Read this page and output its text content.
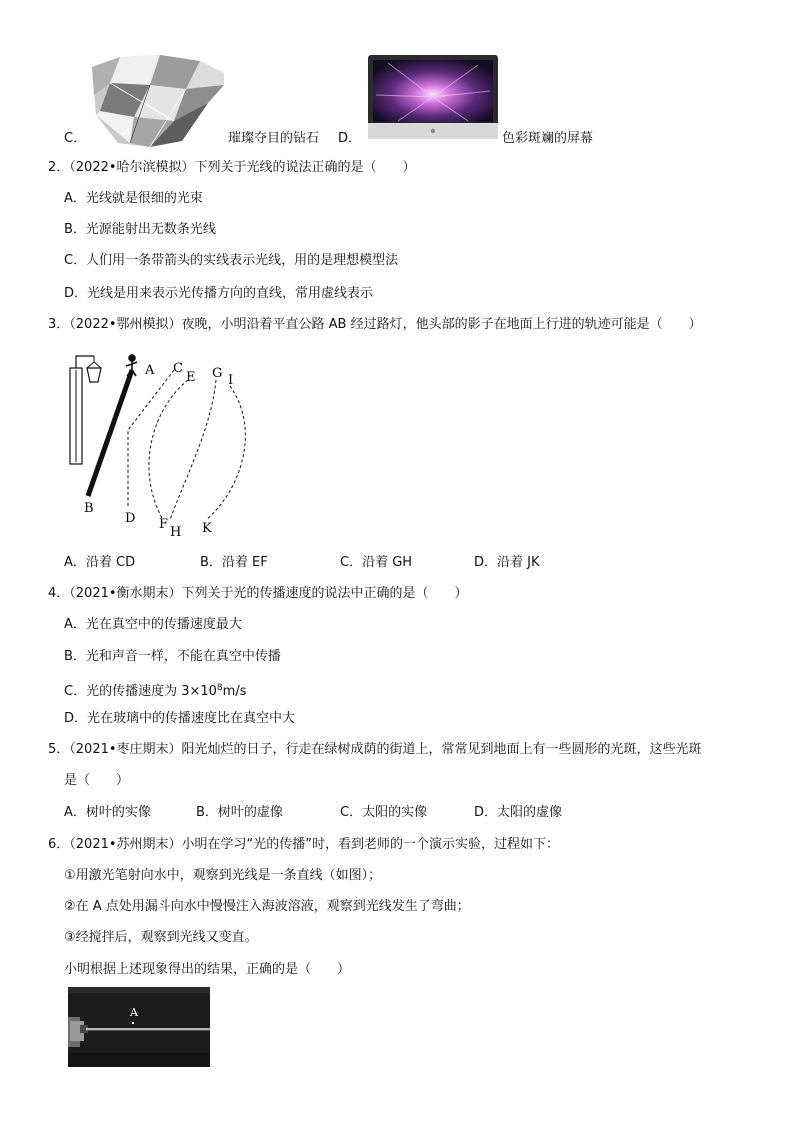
C．	璀璨夺目的钻石 D．	色彩斑斓的屏幕
2．（2022•哈尔滨模拟）下列关于光线的说法正确的是（　　）
A．光线就是很细的光束
B．光源能射出无数条光线
C．人们用一条带箭头的实线表示光线，用的是理想模型法
D．光线是用来表示光传播方向的直线，常用虚线表示
3．（2022•鄂州模拟）夜晚，小明沿着平直公路 AB 经过路灯，他头部的影子在地面上行进的轨迹可能是（　　）
A
B
C
D
E
F
G
H
I
K
A．沿着 CD	B．沿着 EF	C．沿着 GH	D．沿着 JK
4．（2021•衡水期末）下列关于光的传播速度的说法中正确的是（　　）
A．光在真空中的传播速度最大
B．光和声音一样，不能在真空中传播
C．光的传播速度为 $3\times 10^8m/s$
D．光在玻璃中的传播速度比在真空中大
5．（2021•枣庄期末）阳光灿烂的日子，行走在绿树成荫的街道上，常常见到地面上有一些圆形的光斑，这些光斑
是（　　）
A．树叶的实像	B．树叶的虚像	C．太阳的实像	D．太阳的虚像
6．（2021•苏州期末）小明在学习“光的传播”时，看到老师的一个演示实验，过程如下：
①用激光笔射向水中，观察到光线是一条直线（如图）；
②在 A 点处用漏斗向水中慢慢注入海波溶液，观察到光线发生了弯曲；
③经搅拌后，观察到光线又变直。
小明根据上述现象得出的结果，正确的是（　　）
A
